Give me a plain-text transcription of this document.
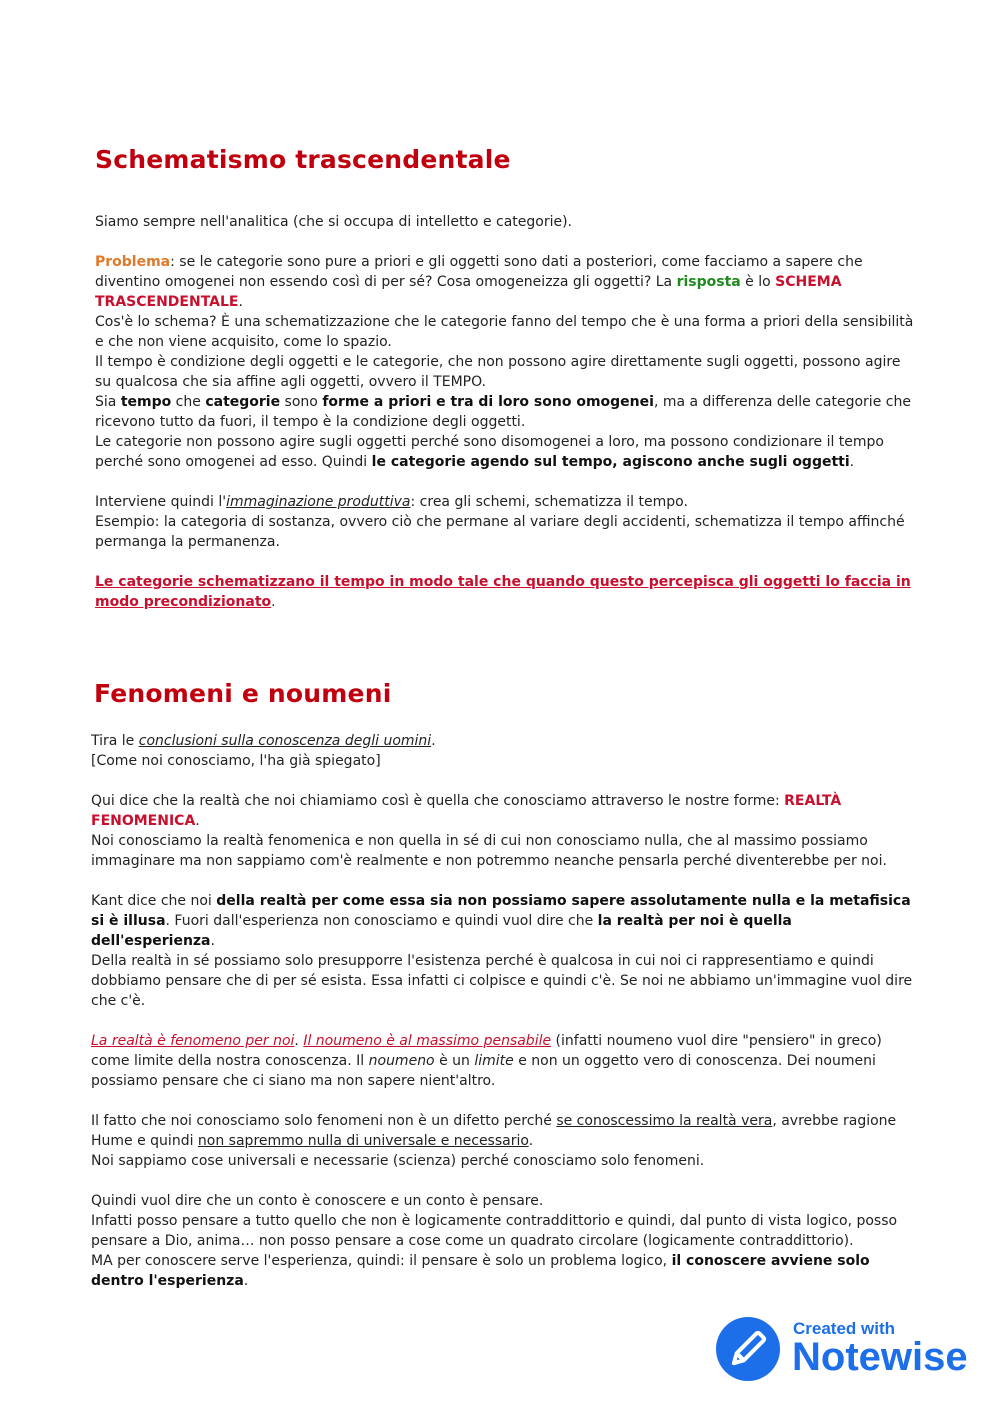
Schematismo trascendentale

Siamo sempre nell'analitica (che si occupa di intelletto e categorie).

Problema: se le categorie sono pure a priori e gli oggetti sono dati a posteriori, come facciamo a sapere che diventino omogenei non essendo così di per sé? Cosa omogeneizza gli oggetti? La risposta è lo SCHEMA TRASCENDENTALE.

Cos'è lo schema? È una schematizzazione che le categorie fanno del tempo che è una forma a priori della sensibilità e che non viene acquisito, come lo spazio.

Il tempo è condizione degli oggetti e le categorie, che non possono agire direttamente sugli oggetti, possono agire su qualcosa che sia affine agli oggetti, ovvero il TEMPO.

Sia tempo che categorie sono forme a priori e tra di loro sono omogenei, ma a differenza delle categorie che ricevono tutto da fuori, il tempo è la condizione degli oggetti.

Le categorie non possono agire sugli oggetti perché sono disomogenei a loro, ma possono condizionare il tempo perché sono omogenei ad esso. Quindi le categorie agendo sul tempo, agiscono anche sugli oggetti.

Interviene quindi l'immaginazione produttiva: crea gli schemi, schematizza il tempo.

Esempio: la categoria di sostanza, ovvero ciò che permane al variare degli accidenti, schematizza il tempo affinché permanga la permanenza.

Le categorie schematizzano il tempo in modo tale che quando questo percepisca gli oggetti lo faccia in modo precondizionato.

Fenomeni e noumeni

Tira le conclusioni sulla conoscenza degli uomini.

[Come noi conosciamo, l'ha già spiegato]

Qui dice che la realtà che noi chiamiamo così è quella che conosciamo attraverso le nostre forme: REALTÀ FENOMENICA.

Noi conosciamo la realtà fenomenica e non quella in sé di cui non conosciamo nulla, che al massimo possiamo immaginare ma non sappiamo com'è realmente e non potremmo neanche pensarla perché diventerebbe per noi.

Kant dice che noi della realtà per come essa sia non possiamo sapere assolutamente nulla e la metafisica si è illusa. Fuori dall'esperienza non conosciamo e quindi vuol dire che la realtà per noi è quella dell'esperienza.

Della realtà in sé possiamo solo presupporre l'esistenza perché è qualcosa in cui noi ci rappresentiamo e quindi dobbiamo pensare che di per sé esista. Essa infatti ci colpisce e quindi c'è. Se noi ne abbiamo un'immagine vuol dire che c'è.

La realtà è fenomeno per noi. Il noumeno è al massimo pensabile (infatti noumeno vuol dire "pensiero" in greco) come limite della nostra conoscenza. Il noumeno è un limite e non un oggetto vero di conoscenza. Dei noumeni possiamo pensare che ci siano ma non sapere nient'altro.

Il fatto che noi conosciamo solo fenomeni non è un difetto perché se conoscessimo la realtà vera, avrebbe ragione Hume e quindi non sapremmo nulla di universale e necessario.

Noi sappiamo cose universali e necessarie (scienza) perché conosciamo solo fenomeni.

Quindi vuol dire che un conto è conoscere e un conto è pensare.

Infatti posso pensare a tutto quello che non è logicamente contraddittorio e quindi, dal punto di vista logico, posso pensare a Dio, anima… non posso pensare a cose come un quadrato circolare (logicamente contraddittorio).

MA per conoscere serve l'esperienza, quindi: il pensare è solo un problema logico, il conoscere avviene solo dentro l'esperienza.

Created with
Notewise
